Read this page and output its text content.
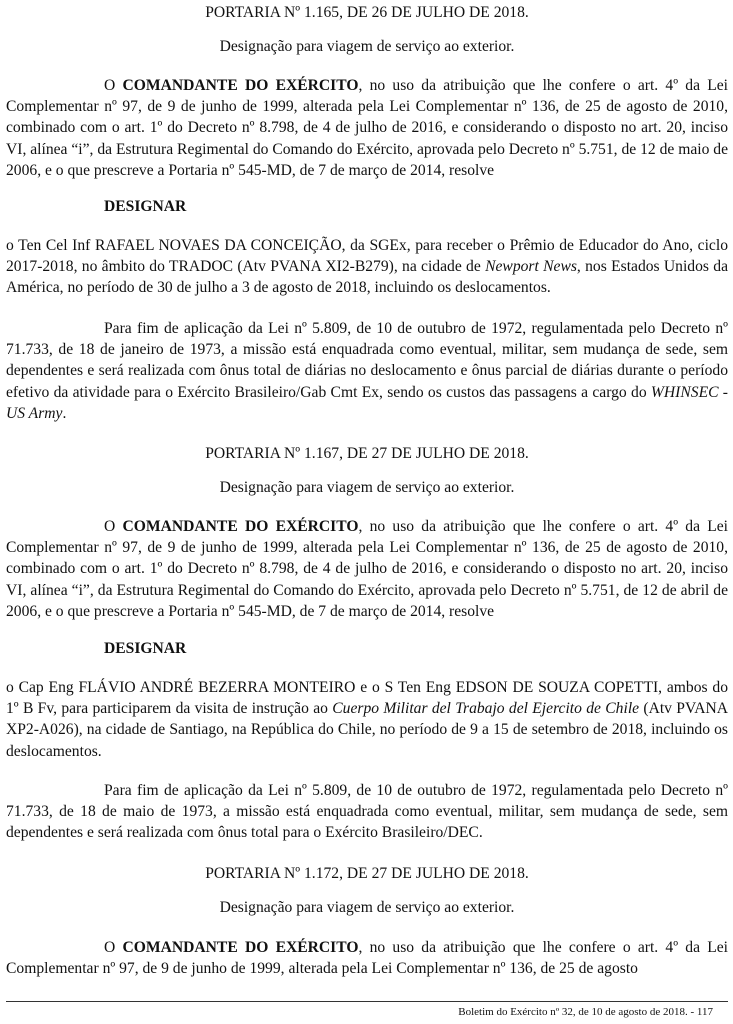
PORTARIA Nº 1.165, DE 26 DE JULHO DE 2018.

Designação para viagem de serviço ao exterior.

O COMANDANTE DO EXÉRCITO, no uso da atribuição que lhe confere o art. 4º da Lei Complementar nº 97, de 9 de junho de 1999, alterada pela Lei Complementar nº 136, de 25 de agosto de 2010, combinado com o art. 1º do Decreto nº 8.798, de 4 de julho de 2016, e considerando o disposto no art. 20, inciso VI, alínea “i”, da Estrutura Regimental do Comando do Exército, aprovada pelo Decreto nº 5.751, de 12 de maio de 2006, e o que prescreve a Portaria nº 545-MD, de 7 de março de 2014, resolve

DESIGNAR

o Ten Cel Inf RAFAEL NOVAES DA CONCEIÇÃO, da SGEx, para receber o Prêmio de Educador do Ano, ciclo 2017-2018, no âmbito do TRADOC (Atv PVANA XI2-B279), na cidade de Newport News, nos Estados Unidos da América, no período de 30 de julho a 3 de agosto de 2018, incluindo os deslocamentos.

Para fim de aplicação da Lei nº 5.809, de 10 de outubro de 1972, regulamentada pelo Decreto nº 71.733, de 18 de janeiro de 1973, a missão está enquadrada como eventual, militar, sem mudança de sede, sem dependentes e será realizada com ônus total de diárias no deslocamento e ônus parcial de diárias durante o período efetivo da atividade para o Exército Brasileiro/Gab Cmt Ex, sendo os custos das passagens a cargo do WHINSEC - US Army.

PORTARIA Nº 1.167, DE 27 DE JULHO DE 2018.

Designação para viagem de serviço ao exterior.

O COMANDANTE DO EXÉRCITO, no uso da atribuição que lhe confere o art. 4º da Lei Complementar nº 97, de 9 de junho de 1999, alterada pela Lei Complementar nº 136, de 25 de agosto de 2010, combinado com o art. 1º do Decreto nº 8.798, de 4 de julho de 2016, e considerando o disposto no art. 20, inciso VI, alínea “i”, da Estrutura Regimental do Comando do Exército, aprovada pelo Decreto nº 5.751, de 12 de abril de 2006, e o que prescreve a Portaria nº 545-MD, de 7 de março de 2014, resolve

DESIGNAR

o Cap Eng FLÁVIO ANDRÉ BEZERRA MONTEIRO e o S Ten Eng EDSON DE SOUZA COPETTI, ambos do 1º B Fv, para participarem da visita de instrução ao Cuerpo Militar del Trabajo del Ejercito de Chile (Atv PVANA XP2-A026), na cidade de Santiago, na República do Chile, no período de 9 a 15 de setembro de 2018, incluindo os deslocamentos.

Para fim de aplicação da Lei nº 5.809, de 10 de outubro de 1972, regulamentada pelo Decreto nº 71.733, de 18 de maio de 1973, a missão está enquadrada como eventual, militar, sem mudança de sede, sem dependentes e será realizada com ônus total para o Exército Brasileiro/DEC.

PORTARIA Nº 1.172, DE 27 DE JULHO DE 2018.

Designação para viagem de serviço ao exterior.

O COMANDANTE DO EXÉRCITO, no uso da atribuição que lhe confere o art. 4º da Lei Complementar nº 97, de 9 de junho de 1999, alterada pela Lei Complementar nº 136, de 25 de agosto

Boletim do Exército nº 32, de 10 de agosto de 2018. - 117
